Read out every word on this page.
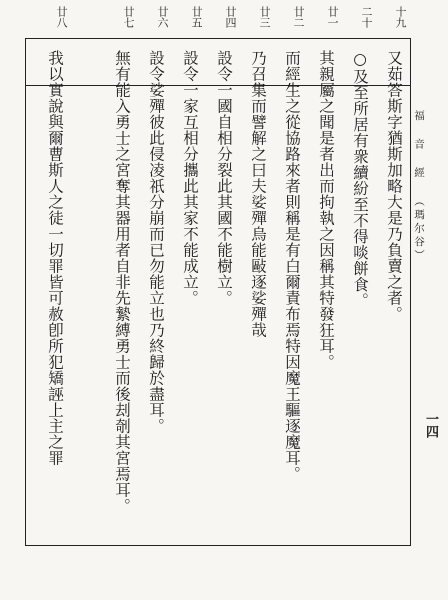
十九
又茹答斯字猶斯加略大是乃負賣之者。
二十
○及至所居有衆續紛至不得啖餅食。
廿一
其親屬之聞是者出而拘執之因稱其特發狂耳。
廿二
而經生之從協路來者則稱是有白爾責布焉特因魔王驅逐魔耳。
廿三
乃召集而譬解之曰夫娑殫烏能敺逐娑殫哉
廿四
設令一國自相分裂此其國不能樹立。
廿五
設令一家互相分攜此其家不能成立。
廿六
設令娑殫彼此侵凌祇分崩而已勿能立也乃終歸於盡耳。
廿七
無有能入勇士之宮奪其器用者自非先縶縛勇士而後刦剞其宮焉耳。
廿八
我以實說與爾曹斯人之徒一切罪皆可赦卽所犯矯誣上主之罪	福 音 經 （瑪尔谷）
一四
